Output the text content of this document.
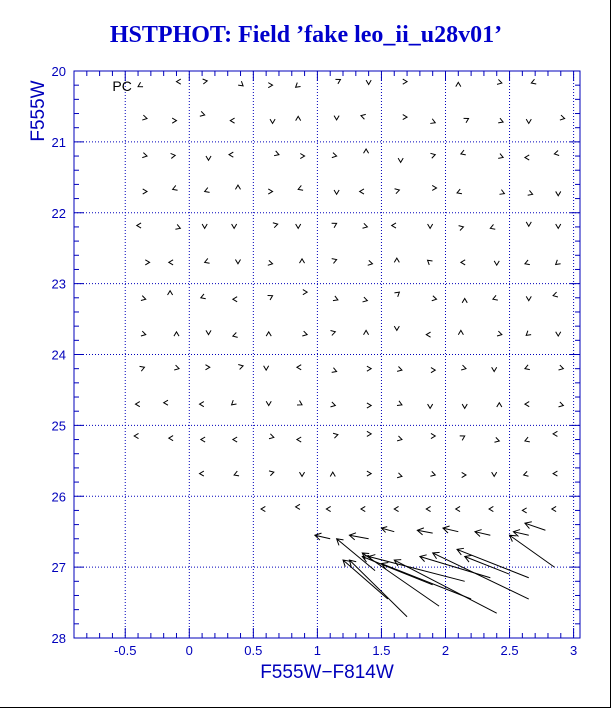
HSTPHOT: Field ’fake leo_ii_u28v01’
-0.5	0	0.5	1	1.5	2	2.5	3
20
21
22
23
24
25
26
27
28
PC
F555W−F814W
F555W
